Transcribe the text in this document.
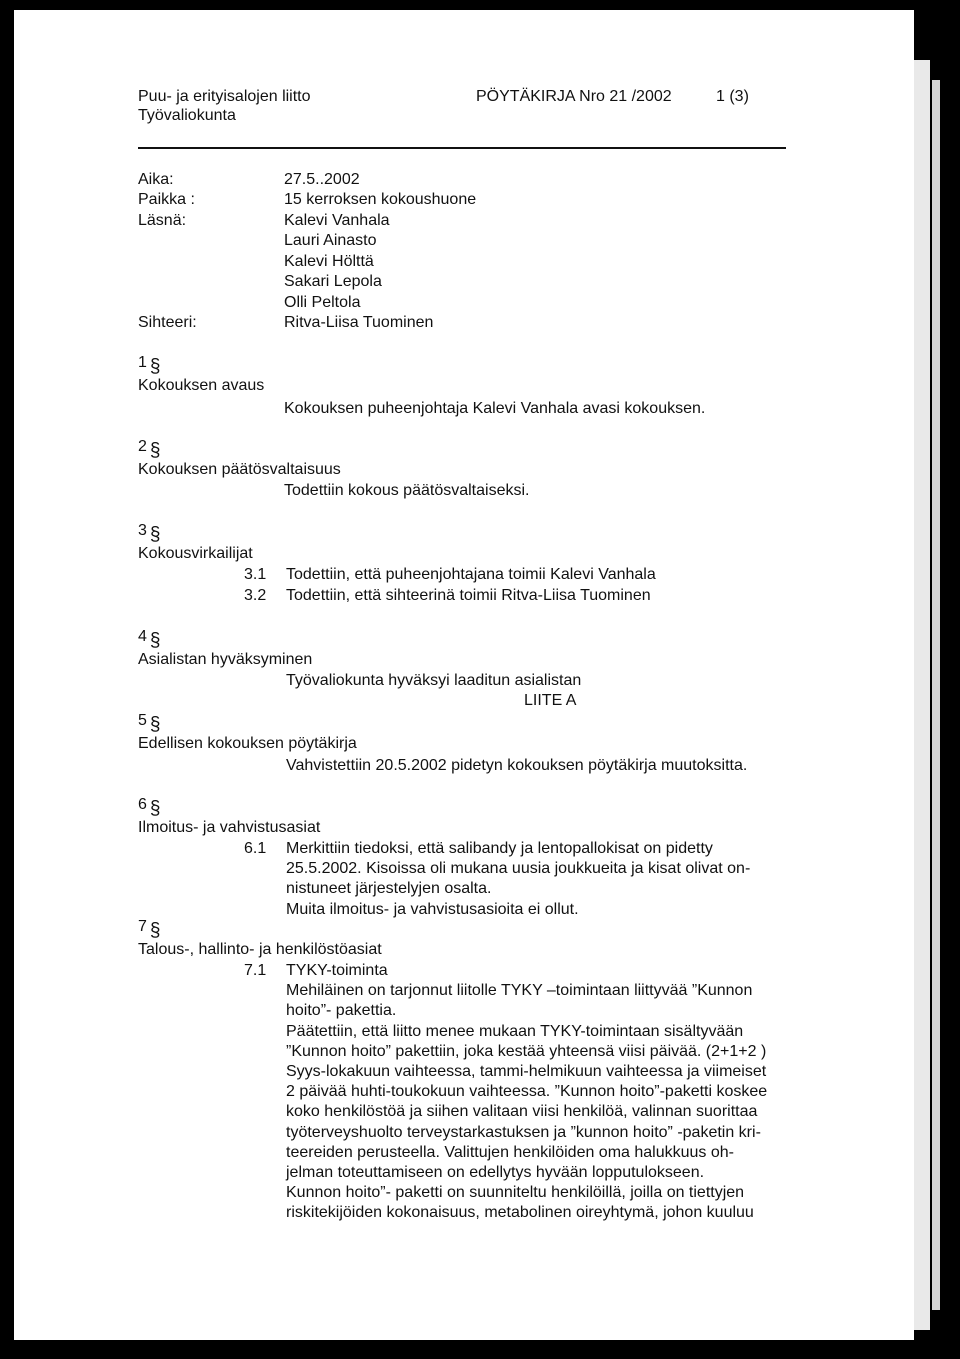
Puu- ja erityisalojen liitto

Työvaliokunta

PÖYTÄKIRJA Nro 21 /2002	1 (3)

Aika:	27.5..2002

Paikka :	15 kerroksen kokoushuone

Läsnä:	Kalevi Vanhala

Lauri Ainasto

Kalevi Hölttä

Sakari Lepola

Olli Peltola

Sihteeri:	Ritva-Liisa Tuominen

1 §

Kokouksen avaus

Kokouksen puheenjohtaja Kalevi Vanhala avasi kokouksen.

2 §

Kokouksen päätösvaltaisuus

Todettiin kokous päätösvaltaiseksi.

3 §

Kokousvirkailijat

3.1 Todettiin, että puheenjohtajana toimii Kalevi Vanhala

3.2 Todettiin, että sihteerinä toimii Ritva-Liisa Tuominen

4 §

Asialistan hyväksyminen

Työvaliokunta hyväksyi laaditun asialistan

LIITE A

5 §

Edellisen kokouksen pöytäkirja

Vahvistettiin 20.5.2002 pidetyn kokouksen pöytäkirja muutoksitta.

6 §

Ilmoitus- ja vahvistusasiat

6.1 Merkittiin tiedoksi, että salibandy ja lentopallokisat on pidetty
25.5.2002. Kisoissa oli mukana uusia joukkueita ja kisat olivat on-
nistuneet järjestelyjen osalta.
Muita ilmoitus- ja vahvistusasioita ei ollut.

7 §

Talous-, hallinto- ja henkilöstöasiat

7.1 TYKY-toiminta
Mehiläinen on tarjonnut liitolle TYKY –toimintaan liittyvää ”Kunnon
hoito”- pakettia.
Päätettiin, että liitto menee mukaan TYKY-toimintaan sisältyvään
”Kunnon hoito” pakettiin, joka kestää yhteensä viisi päivää. (2+1+2 )
Syys-lokakuun vaihteessa, tammi-helmikuun vaihteessa ja viimeiset
2 päivää huhti-toukokuun vaihteessa. ”Kunnon hoito”-paketti koskee
koko henkilöstöä ja siihen valitaan viisi henkilöä, valinnan suorittaa
työterveyshuolto terveystarkastuksen ja ”kunnon hoito” -paketin kri-
teereiden perusteella. Valittujen henkilöiden oma halukkuus oh-
jelman toteuttamiseen on edellytys hyvään lopputulokseen.
Kunnon hoito”- paketti on suunniteltu henkilöillä, joilla on tiettyjen
riskitekijöiden kokonaisuus, metabolinen oireyhtymä, johon kuuluu
